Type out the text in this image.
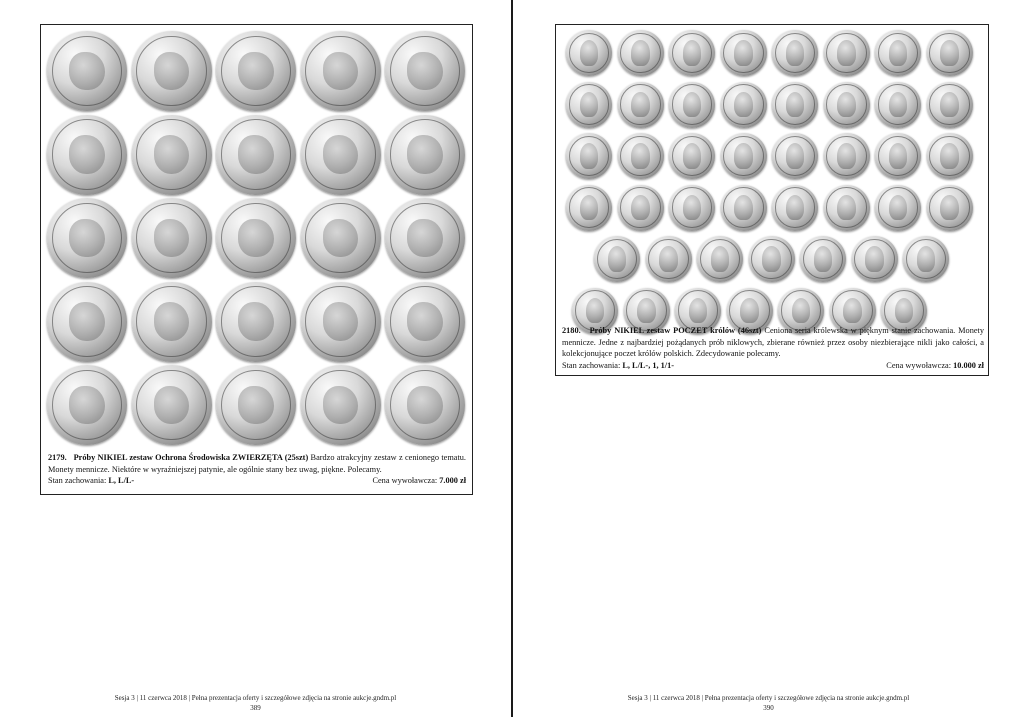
2179. Próby NIKIEL zestaw Ochrona Środowiska ZWIERZĘTA (25szt) Bardzo atrakcyjny zestaw z cenionego tematu. Monety mennicze. Niektóre w wyraźniejszej patynie, ale ogólnie stany bez uwag, piękne. Polecamy.
Stan zachowania: L, L/L-	Cena wywoławcza: 7.000 zł
Sesja 3 | 11 czerwca 2018 | Pełna prezentacja oferty i szczegółowe zdjęcia na stronie aukcje.gndm.pl
389
2180. Próby NIKIEL zestaw POCZET królów (46szt) Ceniona seria królewska w pięknym stanie zachowania. Monety mennicze. Jedne z najbardziej pożądanych prób niklowych, zbierane również przez osoby niezbierające nikli jako całości, a kolekcjonujące poczet królów polskich. Zdecydowanie polecamy.
Stan zachowania: L, L/L-, 1, 1/1-	Cena wywoławcza: 10.000 zł
Sesja 3 | 11 czerwca 2018 | Pełna prezentacja oferty i szczegółowe zdjęcia na stronie aukcje.gndm.pl
390
